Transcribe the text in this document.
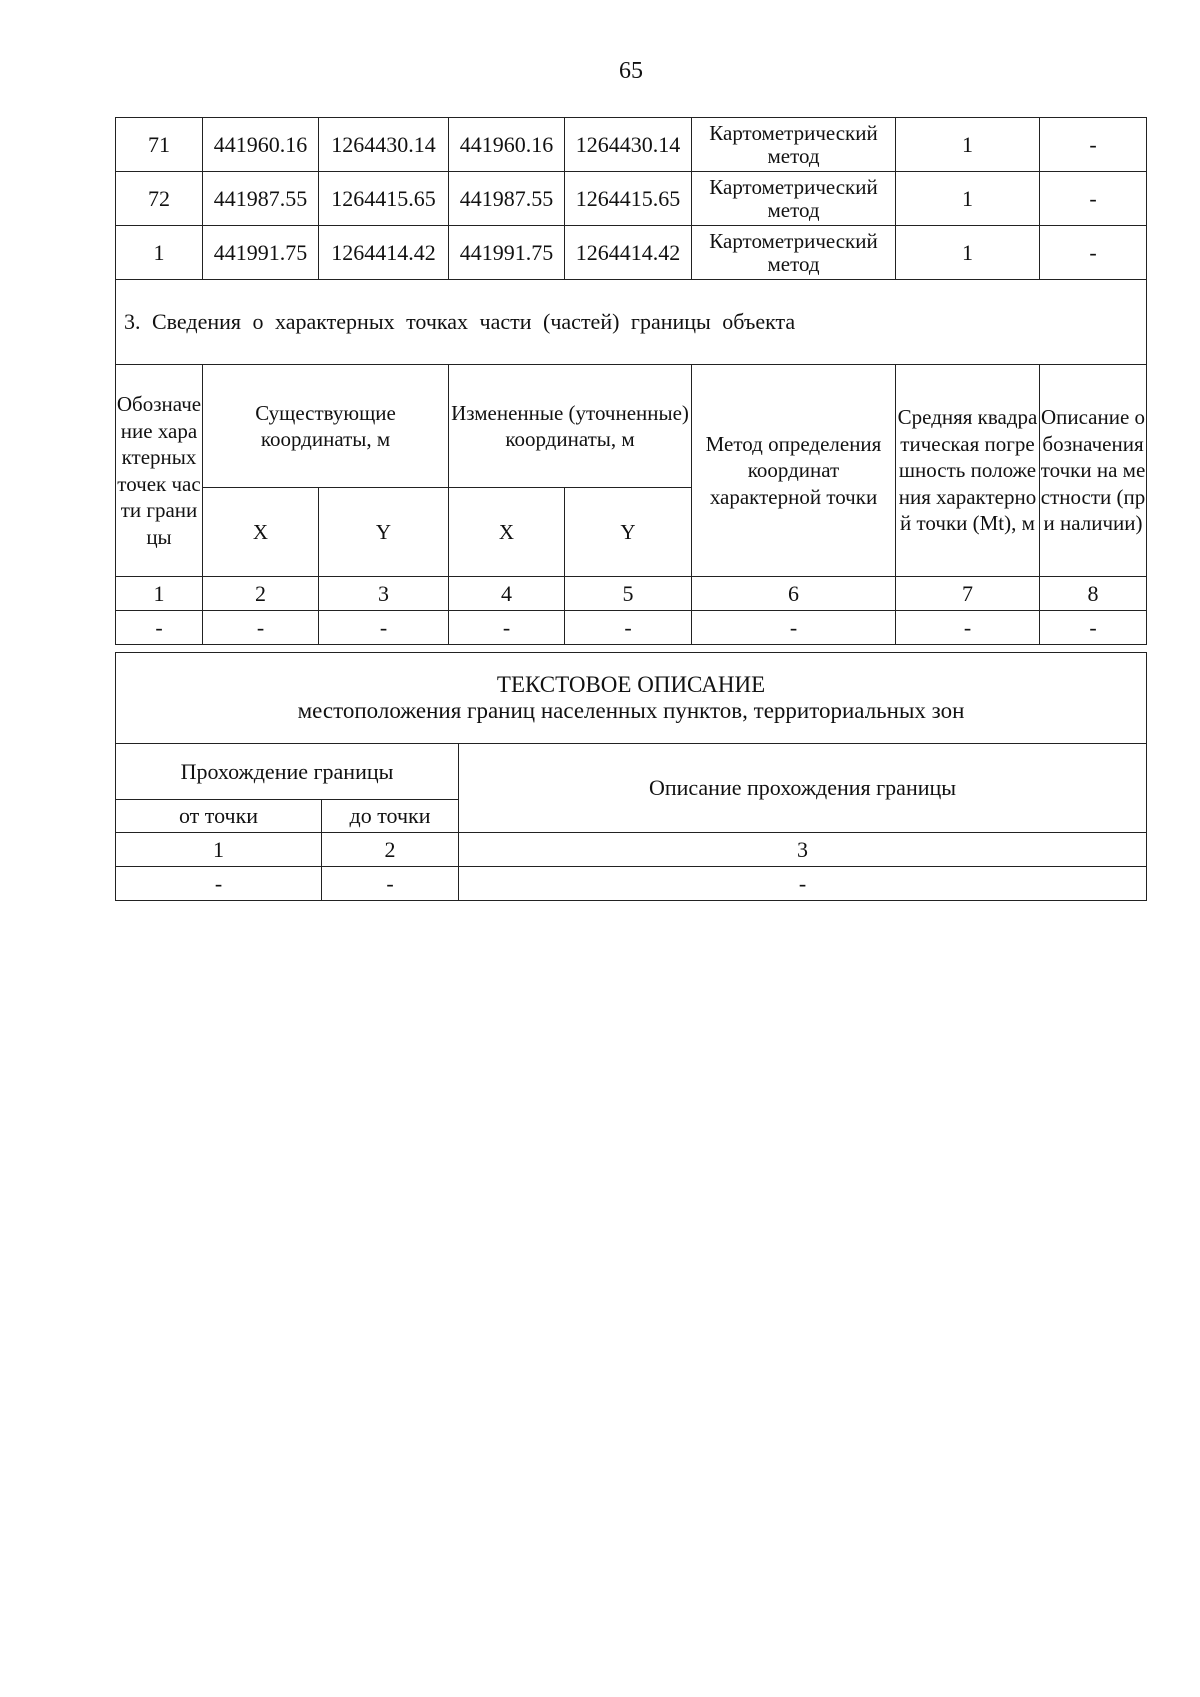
65
71	441960.16	1264430.14	441960.16	1264430.14	Картометрический метод	1	-
72	441987.55	1264415.65	441987.55	1264415.65	Картометрический метод	1	-
1	441991.75	1264414.42	441991.75	1264414.42	Картометрический метод	1	-
3. Сведения о характерных точках части (частей) границы объекта							
Обозначение характерных точек части границы	Существующие координаты, м		Измененные (уточненные) координаты, м		Метод определения координат характерной точки	Средняя квадратическая погрешность положения характерной точки (Mt), м	Описание обозначения точки на местности (при наличии)
	X	Y	X	Y			
1	2	3	4	5	6	7	8
-	-	-	-	-	-	-	-
ТЕКСТОВОЕ ОПИСАНИЕ
местоположения границ населенных пунктов, территориальных зон		

Прохождение границы		Описание прохождения границы
от точки	до точки	
1	2	3
-	-	-
